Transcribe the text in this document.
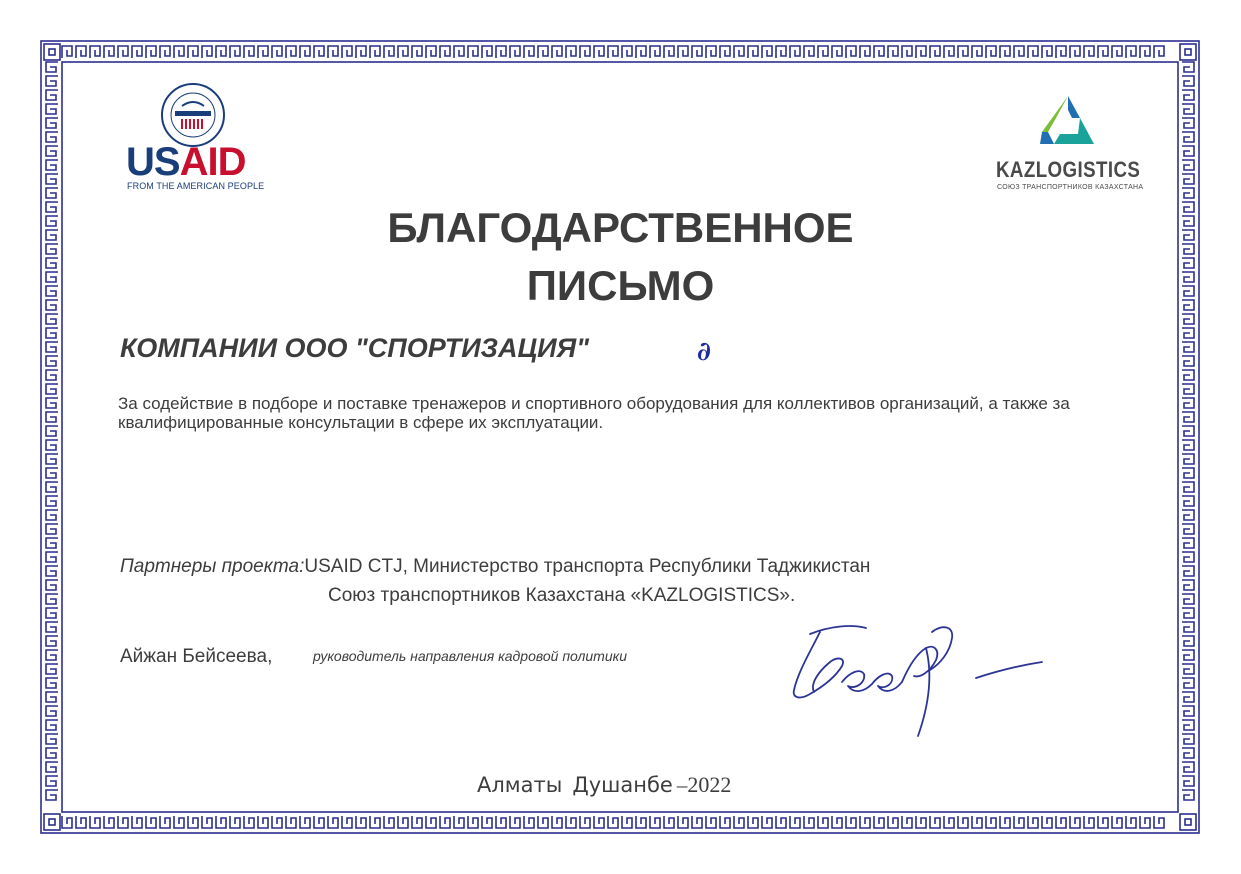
USAID
FROM THE AMERICAN PEOPLE
KAZLOGISTICS
СОЮЗ ТРАНСПОРТНИКОВ КАЗАХСТАНА
БЛАГОДАРСТВЕННОЕ
ПИСЬМО
КОМПАНИИ ООО "СПОРТИЗАЦИЯ"	∂
За содействие в подборе и поставке тренажеров и спортивного оборудования для коллективов организаций, а также за квалифицированные консультации в сфере их эксплуатации.
Партнеры проекта:USAID CTJ, Министерство транспорта Республики Таджикистан
Союз транспортников Казахстана «KAZLOGISTICS».
Айжан Бейсеева,	руководитель направления кадровой политики
Алматы Душанбе –2022
